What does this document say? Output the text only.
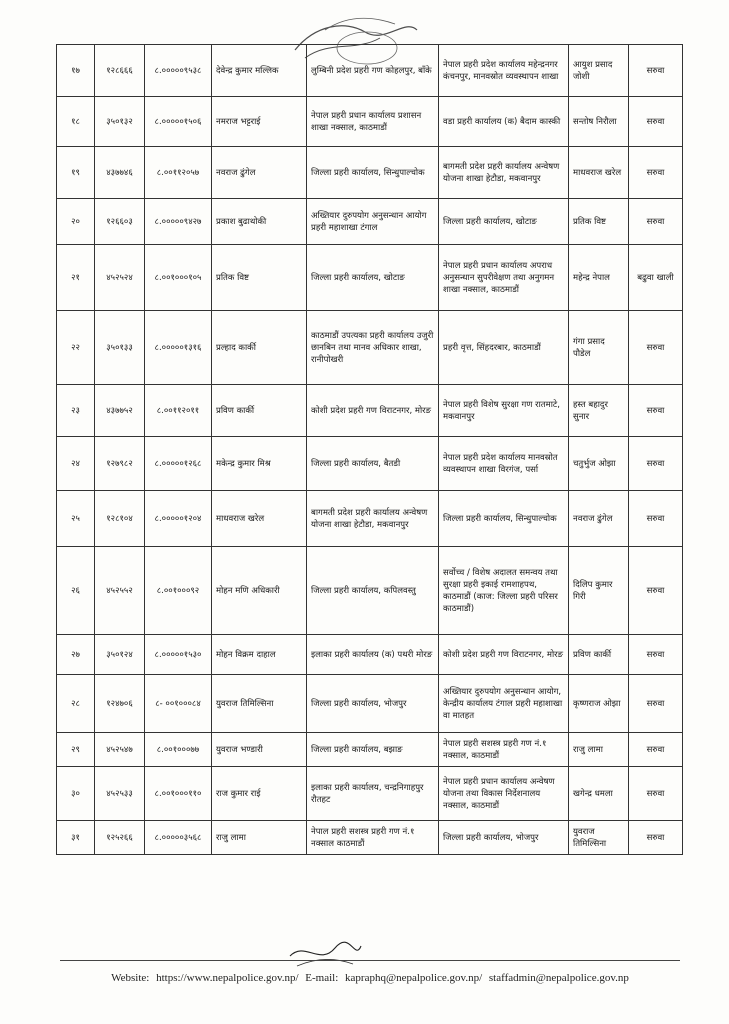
१७	१२८६६६	८.०००००९५३८	देवेन्द्र कुमार मल्लिक	लुम्बिनी प्रदेश प्रहरी गण कोहलपुर, बाँके	नेपाल प्रहरी प्रदेश कार्यालय महेन्द्रनगर कंचनपुर, मानवस्रोत व्यवस्थापन शाखा	आयुश प्रसाद जोशी	सरुवा
१८	३५०१३२	८.०००००१५०६	नमराज भट्टराई	नेपाल प्रहरी प्रधान कार्यालय प्रशासन शाखा नक्साल, काठमाडौं	वडा प्रहरी कार्यालय (क) बैदाम कास्की	सन्तोष निरौला	सरुवा
१९	४३७७४६	८.००११२०५७	नवराज ढुंगेल	जिल्ला प्रहरी कार्यालय, सिन्धुपाल्चोक	बागमती प्रदेश प्रहरी कार्यालय अन्वेषण योजना शाखा हेटौडा, मकवानपुर	माधवराज खरेल	सरुवा
२०	१२६६०३	८.०००००९४२७	प्रकाश बुढाथोकी	अख्तियार दुरुपयोग अनुसन्धान आयोग प्रहरी महाशाखा टंगाल	जिल्ला प्रहरी कार्यालय, खोटाङ	प्रतिक विष्ट	सरुवा
२१	४५२५२४	८.००१०००१०५	प्रतिक विष्ट	जिल्ला प्रहरी कार्यालय, खोटाङ	नेपाल प्रहरी प्रधान कार्यालय अपराध अनुसन्धान सुपरीवेक्षण तथा अनुगमन शाखा नक्साल, काठमाडौं	महेन्द्र नेपाल	बढुवा खाली
२२	३५०१३३	८.०००००१३१६	प्रल्हाद कार्की	काठमाडौं उपत्यका प्रहरी कार्यालय उजुरी छानबिन तथा मानव अधिकार शाखा, रानीपोखरी	प्रहरी वृत्त, सिंहदरबार, काठमाडौं	गंगा प्रसाद पौडेल	सरुवा
२३	४३७७५२	८.००११२०११	प्रविण कार्की	कोशी प्रदेश प्रहरी गण विराटनगर, मोरङ	नेपाल प्रहरी विशेष सुरक्षा गण रातमाटे, मकवानपुर	हस्त बहादुर सुनार	सरुवा
२४	१२७९८२	८.०००००१२६८	मकेन्द्र कुमार मिश्र	जिल्ला प्रहरी कार्यालय, बैतडी	नेपाल प्रहरी प्रदेश कार्यालय मानवस्रोत व्यवस्थापन शाखा विरगंज, पर्सा	चतुर्भुज ओझा	सरुवा
२५	१२८१०४	८.०००००१२०४	माधवराज खरेल	बागमती प्रदेश प्रहरी कार्यालय अन्वेषण योजना शाखा हेटौडा, मकवानपुर	जिल्ला प्रहरी कार्यालय, सिन्धुपाल्चोक	नवराज ढुंगेल	सरुवा
२६	४५२५५२	८.००१०००९२	मोहन मणि अधिकारी	जिल्ला प्रहरी कार्यालय, कपिलवस्तु	सर्वोच्च / विशेष अदालत समन्वय तथा सुरक्षा प्रहरी इकाई रामशाहपथ, काठमाडौं (काज: जिल्ला प्रहरी परिसर काठमाडौं)	दिलिप कुमार गिरी	सरुवा
२७	३५०१२४	८.०००००१५३०	मोहन विक्रम दाहाल	इलाका प्रहरी कार्यालय (क) पथरी मोरङ	कोशी प्रदेश प्रहरी गण विराटनगर, मोरङ	प्रविण कार्की	सरुवा
२८	१२४७०६	८- ००१०००८४	युवराज तिमिल्सिना	जिल्ला प्रहरी कार्यालय, भोजपुर	अख्तियार दुरुपयोग अनुसन्धान आयोग, केन्द्रीय कार्यालय टंगाल प्रहरी महाशाखा वा मातहत	कृष्णराज ओझा	सरुवा
२९	४५२५४७	८.००१०००७७	युवराज भण्डारी	जिल्ला प्रहरी कार्यालय, बझाङ	नेपाल प्रहरी सशस्त्र प्रहरी गण नं.१ नक्साल, काठमाडौं	राजु लामा	सरुवा
३०	४५२५३३	८.००१०००११०	राज कुमार राई	इलाका प्रहरी कार्यालय, चन्द्रनिगाहपुर रौतहट	नेपाल प्रहरी प्रधान कार्यालय अन्वेषण योजना तथा विकास निर्देशनालय नक्साल, काठमाडौं	खगेन्द्र धमला	सरुवा
३१	१२५२६६	८.०००००३५६८	राजु लामा	नेपाल प्रहरी सशस्त्र प्रहरी गण नं.१ नक्साल काठमाडौं	जिल्ला प्रहरी कार्यालय, भोजपुर	युवराज तिमिल्सिना	सरुवा
Website: https://www.nepalpolice.gov.np/ E-mail: kapraphq@nepalpolice.gov.np/ staffadmin@nepalpolice.gov.np
